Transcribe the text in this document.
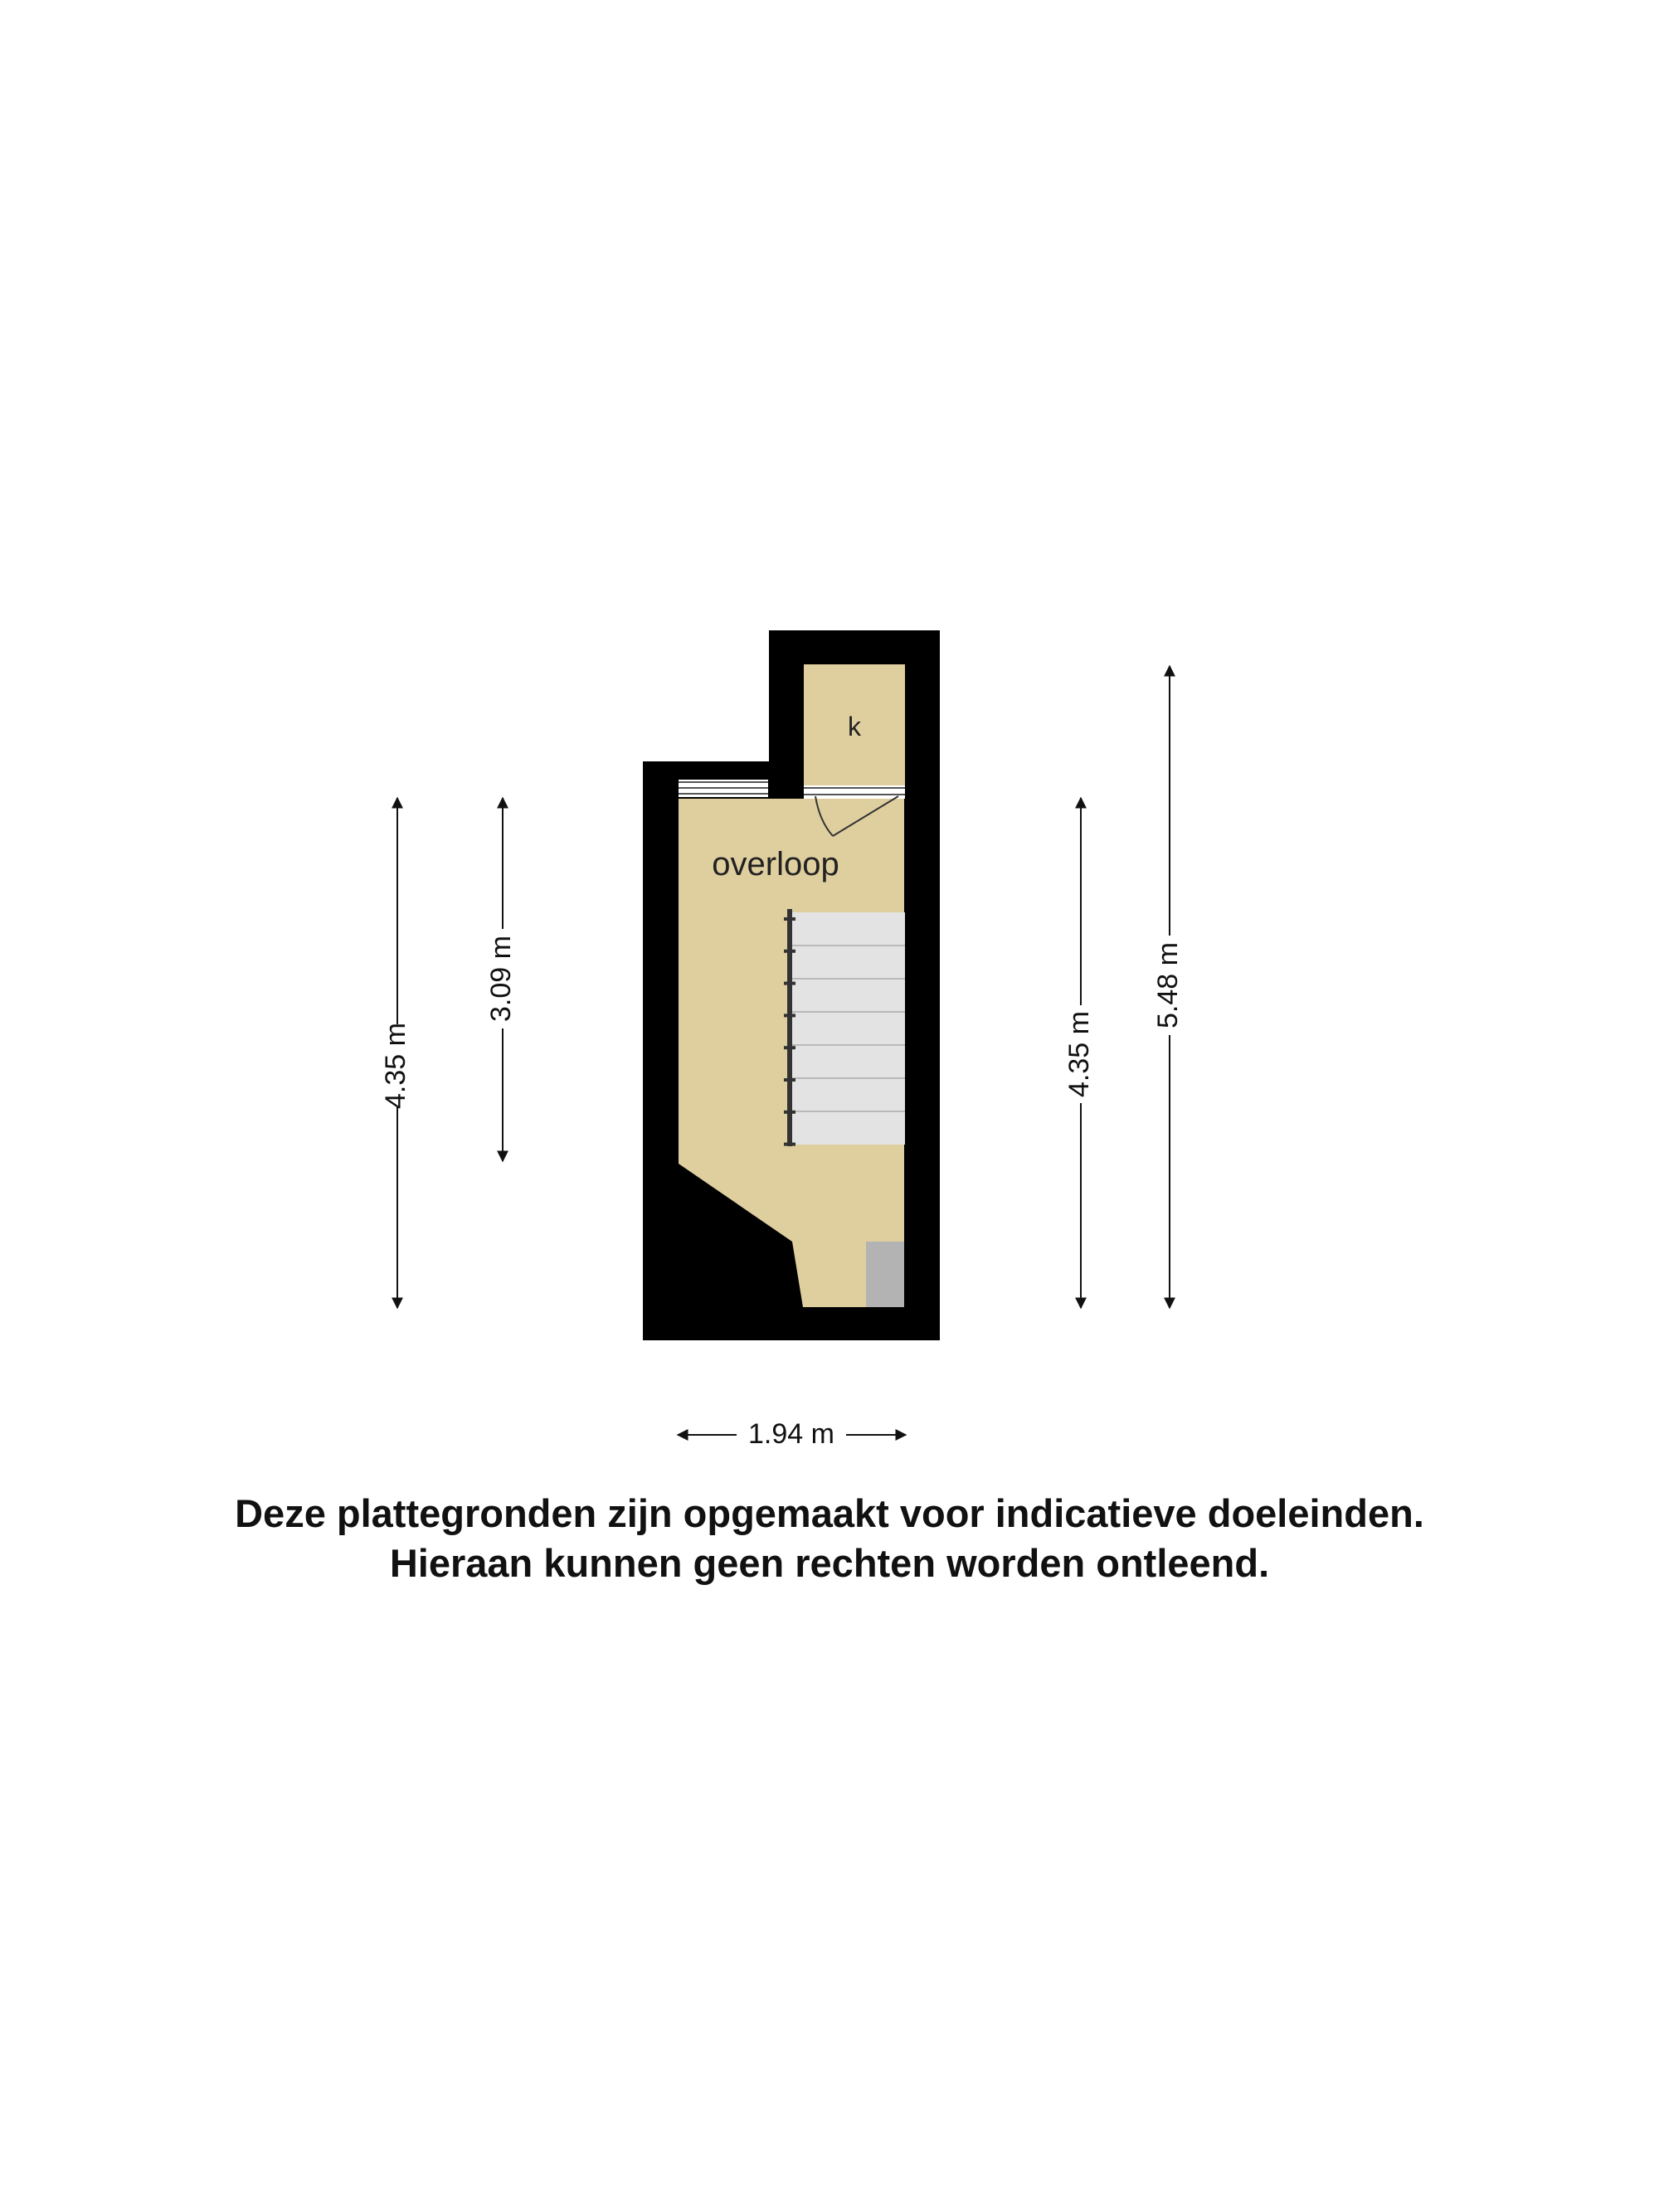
overloop
k
4.35 m
3.09 m
4.35 m
5.48 m
1.94 m
Deze plattegronden zijn opgemaakt voor indicatieve doeleinden.
Hieraan kunnen geen rechten worden ontleend.
